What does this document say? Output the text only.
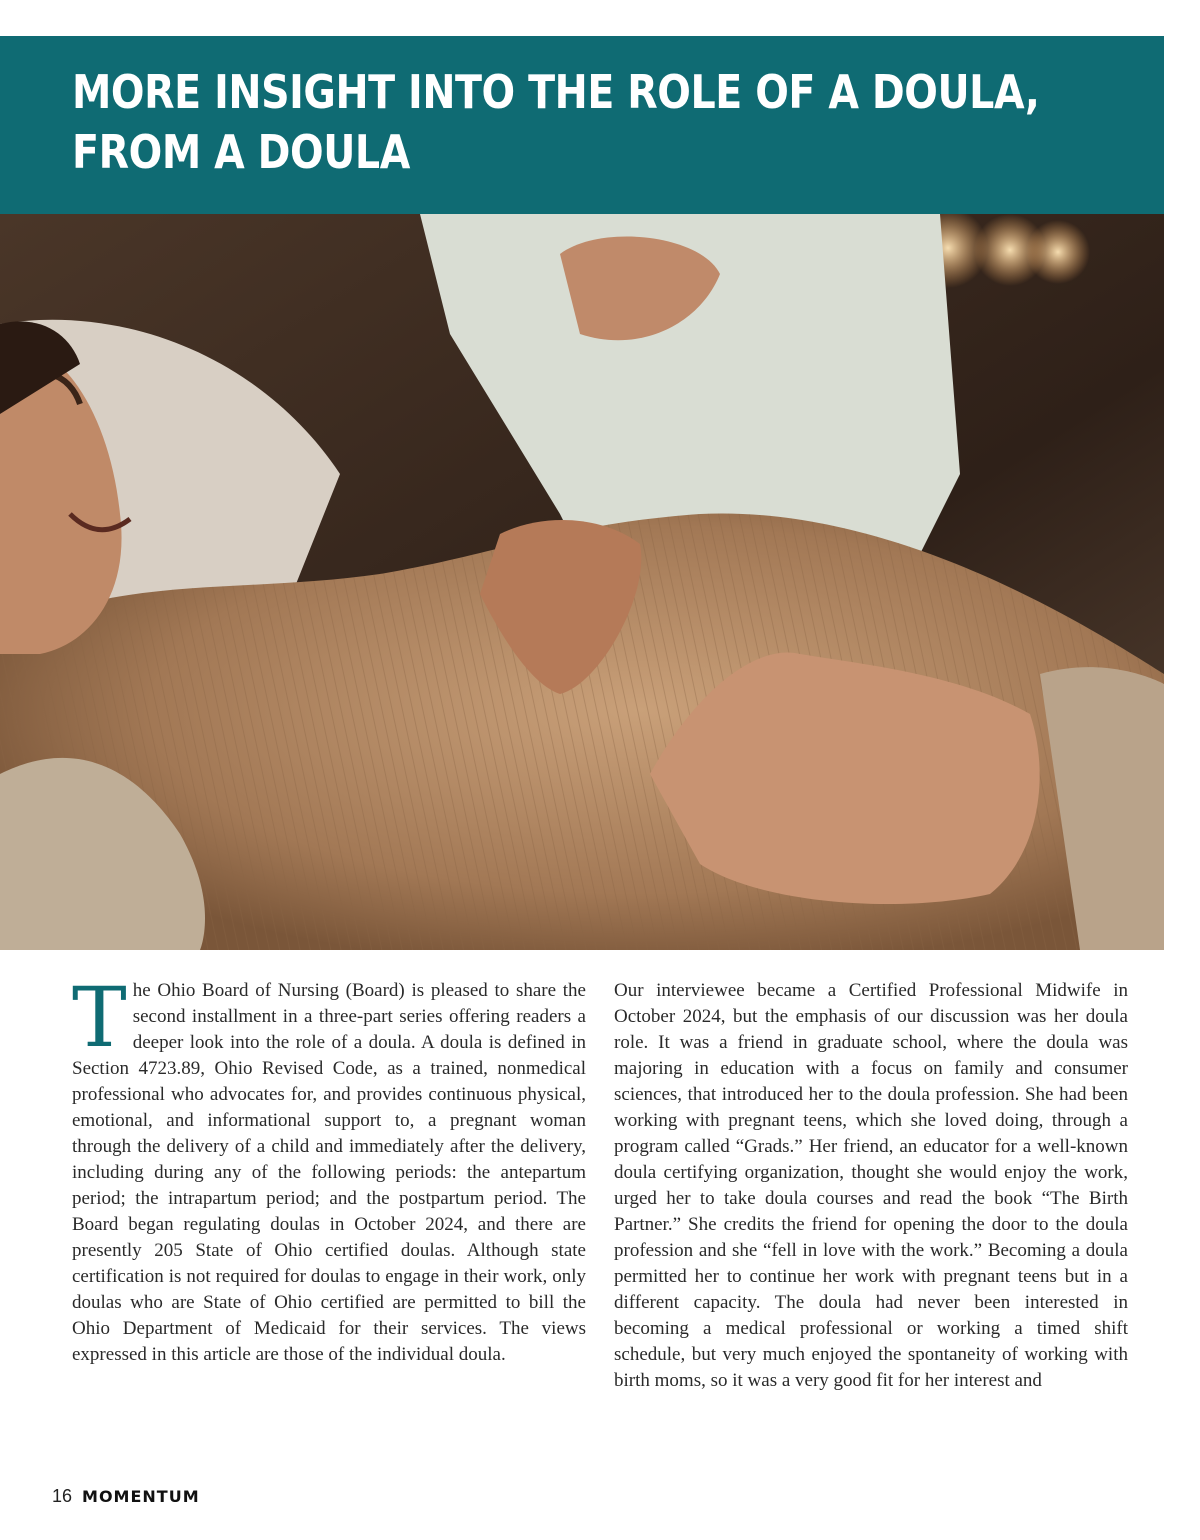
MORE INSIGHT INTO THE ROLE OF A DOULA,
FROM A DOULA
The Ohio Board of Nursing (Board) is pleased to share the second installment in a three-part series offering readers a deeper look into the role of a doula. A doula is defined in Section 4723.89, Ohio Revised Code, as a trained, nonmedical professional who advocates for, and provides continuous physical, emotional, and informational support to, a pregnant woman through the delivery of a child and immediately after the delivery, including during any of the following periods: the antepartum period; the intrapartum period; and the postpartum period. The Board began regulating doulas in October 2024, and there are presently 205 State of Ohio certified doulas. Although state certification is not required for doulas to engage in their work, only doulas who are State of Ohio certified are permitted to bill the Ohio Department of Medicaid for their services. The views expressed in this article are those of the individual doula.
Our interviewee became a Certified Professional Midwife in October 2024, but the emphasis of our discussion was her doula role. It was a friend in graduate school, where the doula was majoring in education with a focus on family and consumer sciences, that introduced her to the doula profession. She had been working with pregnant teens, which she loved doing, through a program called “Grads.” Her friend, an educator for a well-known doula certifying organization, thought she would enjoy the work, urged her to take doula courses and read the book “The Birth Partner.” She credits the friend for opening the door to the doula profession and she “fell in love with the work.” Becoming a doula permitted her to continue her work with pregnant teens but in a different capacity. The doula had never been interested in becoming a medical professional or working a timed shift schedule, but very much enjoyed the spontaneity of working with birth moms, so it was a very good fit for her interest and
16 MOMENTUM
